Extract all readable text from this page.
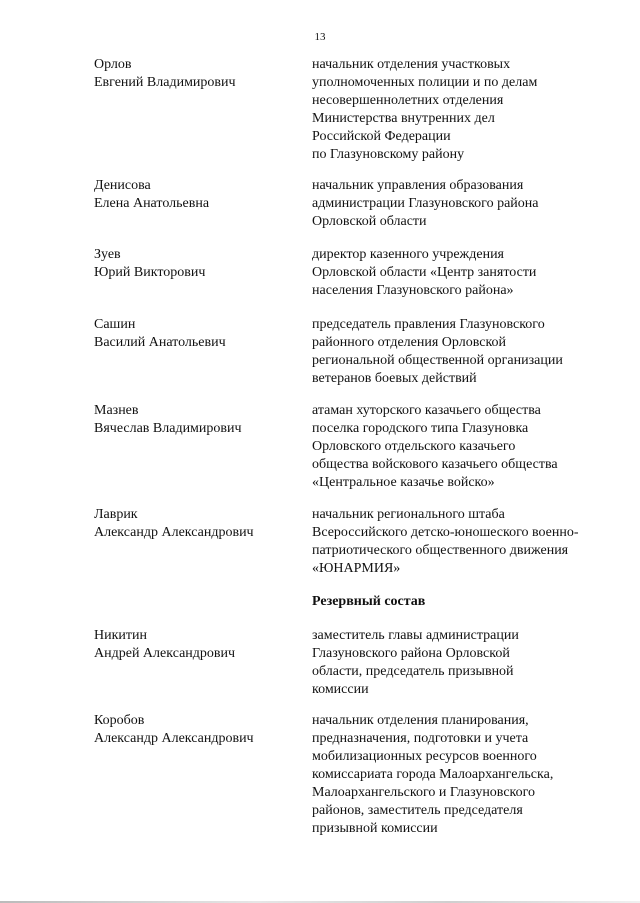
13
Орлов
Евгений Владимирович
начальник отделения участковых
уполномоченных полиции и по делам
несовершеннолетних отделения
Министерства внутренних дел
Российской Федерации
по Глазуновскому району
Денисова
Елена Анатольевна
начальник управления образования
администрации Глазуновского района
Орловской области
Зуев
Юрий Викторович
директор казенного учреждения
Орловской области «Центр занятости
населения Глазуновского района»
Сашин
Василий Анатольевич
председатель правления Глазуновского
районного отделения Орловской
региональной общественной организации
ветеранов боевых действий
Мазнев
Вячеслав Владимирович
атаман хуторского казачьего общества
поселка городского типа Глазуновка
Орловского отдельского казачьего
общества войскового казачьего общества
«Центральное казачье войско»
Лаврик
Александр Александрович
начальник регионального штаба
Всероссийского детско-юношеского военно-
патриотического общественного движения
«ЮНАРМИЯ»
Резервный состав
Никитин
Андрей Александрович
заместитель главы администрации
Глазуновского района Орловской
области, председатель призывной
комиссии
Коробов
Александр Александрович
начальник отделения планирования,
предназначения, подготовки и учета
мобилизационных ресурсов военного
комиссариата города Малоархангельска,
Малоархангельского и Глазуновского
районов, заместитель председателя
призывной комиссии
